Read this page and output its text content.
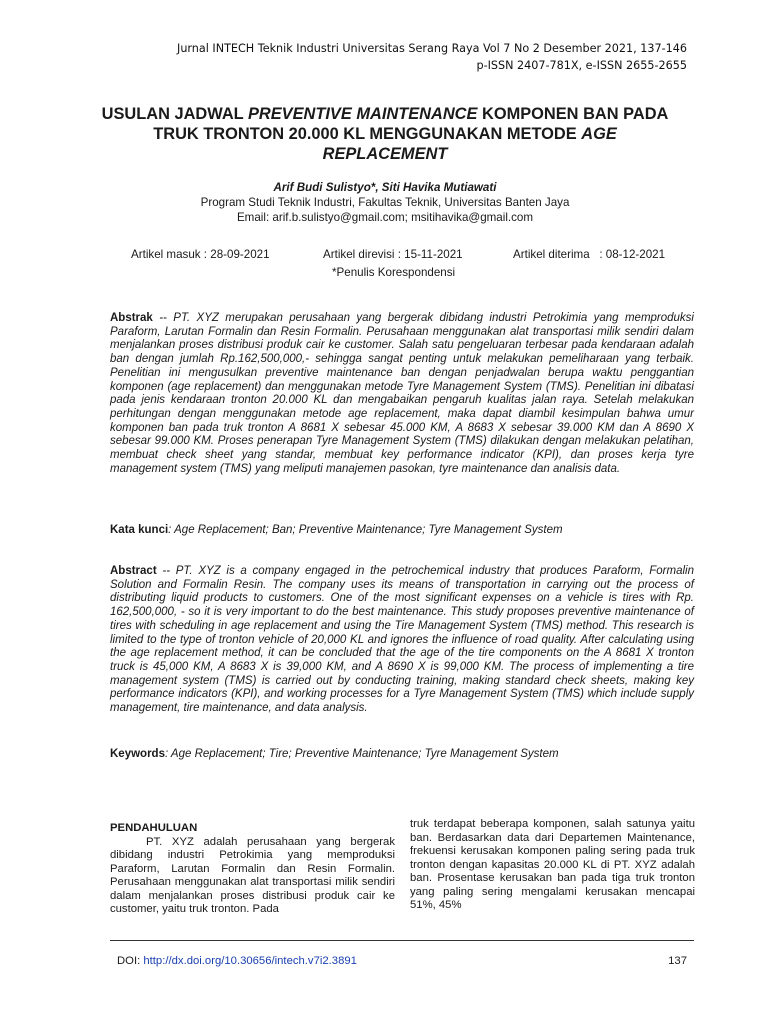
Jurnal INTECH Teknik Industri Universitas Serang Raya Vol 7 No 2 Desember 2021, 137-146
p-ISSN 2407-781X, e-ISSN 2655-2655
USULAN JADWAL PREVENTIVE MAINTENANCE KOMPONEN BAN PADA TRUK TRONTON 20.000 KL MENGGUNAKAN METODE AGE REPLACEMENT
Arif Budi Sulistyo*, Siti Havika Mutiawati
Program Studi Teknik Industri, Fakultas Teknik, Universitas Banten Jaya
Email: arif.b.sulistyo@gmail.com; msitihavika@gmail.com
Artikel masuk : 28-09-2021	Artikel direvisi : 15-11-2021	Artikel diterima   : 08-12-2021
*Penulis Korespondensi
Abstrak -- PT. XYZ merupakan perusahaan yang bergerak dibidang industri Petrokimia yang memproduksi Paraform, Larutan Formalin dan Resin Formalin. Perusahaan menggunakan alat transportasi milik sendiri dalam menjalankan proses distribusi produk cair ke customer. Salah satu pengeluaran terbesar pada kendaraan adalah ban dengan jumlah Rp.162,500,000,- sehingga sangat penting untuk melakukan pemeliharaan yang terbaik. Penelitian ini mengusulkan preventive maintenance ban dengan penjadwalan berupa waktu penggantian komponen (age replacement) dan menggunakan metode Tyre Management System (TMS). Penelitian ini dibatasi pada jenis kendaraan tronton 20.000 KL dan mengabaikan pengaruh kualitas jalan raya. Setelah melakukan perhitungan dengan menggunakan metode age replacement, maka dapat diambil kesimpulan bahwa umur komponen ban pada truk tronton A 8681 X sebesar 45.000 KM, A 8683 X sebesar 39.000 KM dan A 8690 X sebesar 99.000 KM. Proses penerapan Tyre Management System (TMS) dilakukan dengan melakukan pelatihan, membuat check sheet yang standar, membuat key performance indicator (KPI), dan proses kerja tyre management system (TMS) yang meliputi manajemen pasokan, tyre maintenance dan analisis data.
Kata kunci: Age Replacement; Ban; Preventive Maintenance; Tyre Management System
Abstract -- PT. XYZ is a company engaged in the petrochemical industry that produces Paraform, Formalin Solution and Formalin Resin. The company uses its means of transportation in carrying out the process of distributing liquid products to customers. One of the most significant expenses on a vehicle is tires with Rp. 162,500,000, - so it is very important to do the best maintenance. This study proposes preventive maintenance of tires with scheduling in age replacement and using the Tire Management System (TMS) method. This research is limited to the type of tronton vehicle of 20,000 KL and ignores the influence of road quality. After calculating using the age replacement method, it can be concluded that the age of the tire components on the A 8681 X tronton truck is 45,000 KM, A 8683 X is 39,000 KM, and A 8690 X is 99,000 KM. The process of implementing a tire management system (TMS) is carried out by conducting training, making standard check sheets, making key performance indicators (KPI), and working processes for a Tyre Management System (TMS) which include supply management, tire maintenance, and data analysis.
Keywords: Age Replacement; Tire; Preventive Maintenance; Tyre Management System
PENDAHULUAN
PT. XYZ adalah perusahaan yang bergerak dibidang industri Petrokimia yang memproduksi Paraform, Larutan Formalin dan Resin Formalin. Perusahaan menggunakan alat transportasi milik sendiri dalam menjalankan proses distribusi produk cair ke customer, yaitu truk tronton. Pada
truk terdapat beberapa komponen, salah satunya yaitu ban. Berdasarkan data dari Departemen Maintenance, frekuensi kerusakan komponen paling sering pada truk tronton dengan kapasitas 20.000 KL di PT. XYZ adalah ban. Prosentase kerusakan ban pada tiga truk tronton yang paling sering mengalami kerusakan mencapai 51%, 45%
DOI: http://dx.doi.org/10.30656/intech.v7i2.3891	137
